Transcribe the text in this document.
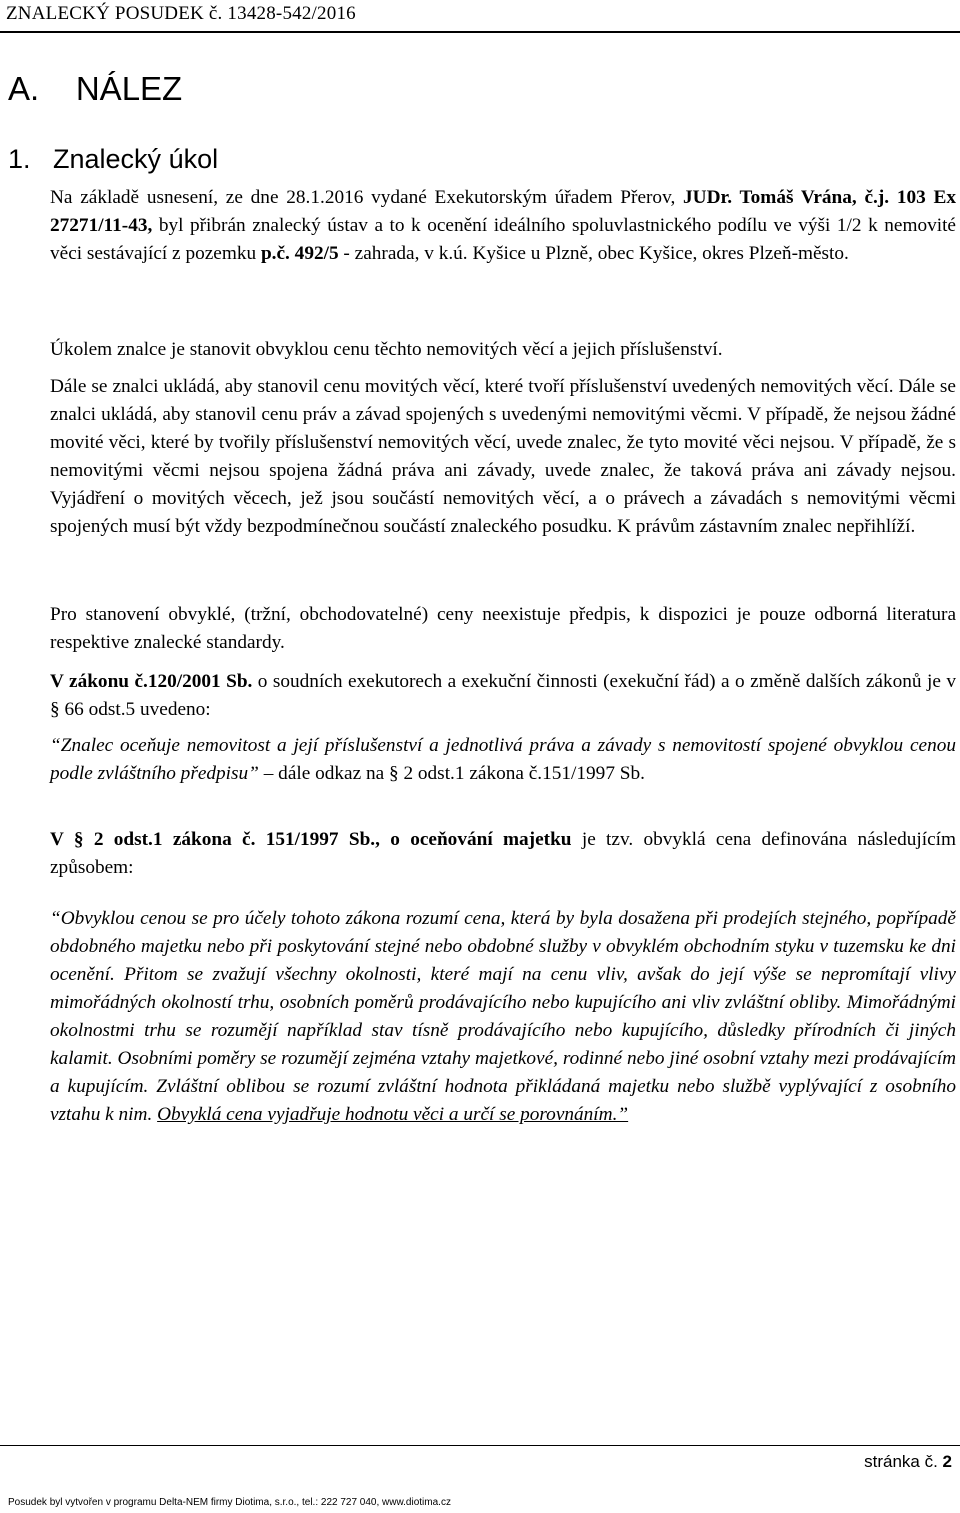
ZNALECKÝ POSUDEK č. 13428-542/2016
A.    NÁLEZ
1.   Znalecký úkol

Na základě usnesení, ze dne 28.1.2016 vydané Exekutorským úřadem Přerov, JUDr. Tomáš Vrána, č.j. 103 Ex 27271/11-43, byl přibrán znalecký ústav a to k ocenění ideálního spoluvlastnického podílu ve výši 1/2 k nemovité věci sestávající z pozemku p.č. 492/5 - zahrada, v k.ú. Kyšice u Plzně, obec Kyšice, okres Plzeň-město.

Úkolem znalce je stanovit obvyklou cenu těchto nemovitých věcí a jejich příslušenství.

Dále se znalci ukládá, aby stanovil cenu movitých věcí, které tvoří příslušenství uvedených nemovitých věcí. Dále se znalci ukládá, aby stanovil cenu práv a závad spojených s uvedenými nemovitými věcmi. V případě, že nejsou žádné movité věci, které by tvořily příslušenství nemovitých věcí, uvede znalec, že tyto movité věci nejsou. V případě, že s nemovitými věcmi nejsou spojena žádná práva ani závady, uvede znalec, že taková práva ani závady nejsou. Vyjádření o movitých věcech, jež jsou součástí nemovitých věcí, a o právech a závadách s nemovitými věcmi spojených musí být vždy bezpodmínečnou součástí znaleckého posudku. K právům zástavním znalec nepřihlíží.

Pro stanovení obvyklé, (tržní, obchodovatelné) ceny neexistuje předpis, k dispozici je pouze odborná literatura respektive znalecké standardy.

V zákonu č.120/2001 Sb. o soudních exekutorech a exekuční činnosti (exekuční řád) a o změně dalších zákonů je v § 66 odst.5 uvedeno:

“Znalec oceňuje nemovitost a její příslušenství a jednotlivá práva a závady s nemovitostí spojené obvyklou cenou podle zvláštního předpisu” – dále odkaz na § 2 odst.1 zákona č.151/1997 Sb.

V § 2 odst.1 zákona č. 151/1997 Sb., o oceňování majetku je tzv. obvyklá cena definována následujícím způsobem:

“Obvyklou cenou se pro účely tohoto zákona rozumí cena, která by byla dosažena při prodejích stejného, popřípadě obdobného majetku nebo při poskytování stejné nebo obdobné služby v obvyklém obchodním styku v tuzemsku ke dni ocenění. Přitom se zvažují všechny okolnosti, které mají na cenu vliv, avšak do její výše se nepromítají vlivy mimořádných okolností trhu, osobních poměrů prodávajícího nebo kupujícího ani vliv zvláštní obliby. Mimořádnými okolnostmi trhu se rozumějí například stav tísně prodávajícího nebo kupujícího, důsledky přírodních či jiných kalamit. Osobními poměry se rozumějí zejména vztahy majetkové, rodinné nebo jiné osobní vztahy mezi prodávajícím a kupujícím. Zvláštní oblibou se rozumí zvláštní hodnota přikládaná majetku nebo službě vyplývající z osobního vztahu k nim. Obvyklá cena vyjadřuje hodnotu věci a určí se porovnáním.”

stránka č. 2
Posudek byl vytvořen v programu Delta-NEM firmy Diotima, s.r.o., tel.: 222 727 040, www.diotima.cz
